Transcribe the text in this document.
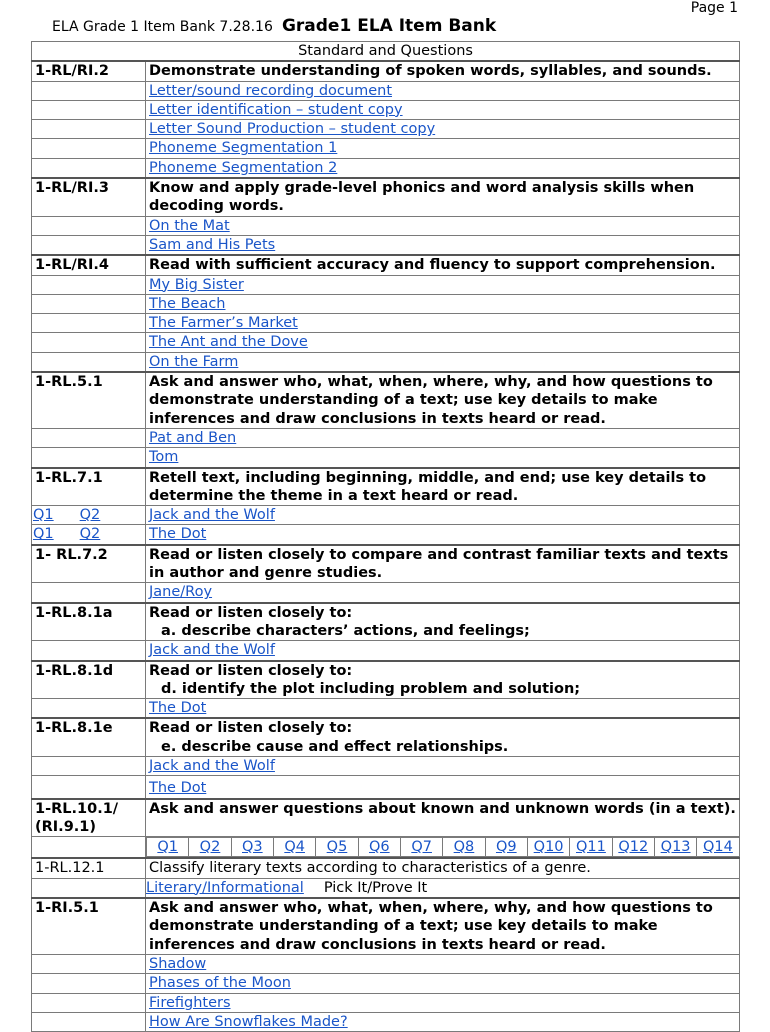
Page 1
ELA Grade 1 Item Bank 7.28.16 Grade1 ELA Item Bank
Standard and Questions	
1-RL/RI.2	Demonstrate understanding of spoken words, syllables, and sounds.
	Letter/sound recording document
	Letter identification – student copy
	Letter Sound Production – student copy
	Phoneme Segmentation 1
	Phoneme Segmentation 2
1-RL/RI.3	Know and apply grade-level phonics and word analysis skills when decoding words.
	On the Mat
	Sam and His Pets
1-RL/RI.4	Read with sufficient accuracy and fluency to support comprehension.
	My Big Sister
	The Beach
	The Farmer’s Market
	The Ant and the Dove
	On the Farm
1-RL.5.1	Ask and answer who, what, when, where, why, and how questions to demonstrate understanding of a text; use key details to make inferences and draw conclusions in texts heard or read.
	Pat and Ben
	Tom
1-RL.7.1	Retell text, including beginning, middle, and end; use key details to determine the theme in a text heard or read.
Q1 Q2	Jack and the Wolf
Q1 Q2	The Dot
1- RL.7.2	Read or listen closely to compare and contrast familiar texts and texts in author and genre studies.
	Jane/Roy
1-RL.8.1a	Read or listen closely to:
a. describe characters’ actions, and feelings;

	Jack and the Wolf
1-RL.8.1d	Read or listen closely to:
d. identify the plot including problem and solution;

	The Dot
1-RL.8.1e	Read or listen closely to:
e. describe cause and effect relationships.

	Jack and the Wolf
	The Dot
1-RL.10.1/ (RI.9.1)	Ask and answer questions about known and unknown words (in a text).

Q1	Q2	Q3	Q4	Q5	Q6	Q7	Q8	Q9	Q10 Q11 Q12 Q13 Q14

1-RL.12.1	Classify literary texts according to characteristics of a genre.
	Literary/Informational Pick It/Prove It
1-RI.5.1	Ask and answer who, what, when, where, why, and how questions to demonstrate understanding of a text; use key details to make inferences and draw conclusions in texts heard or read.
	Shadow
	Phases of the Moon
	Firefighters
	How Are Snowflakes Made?
